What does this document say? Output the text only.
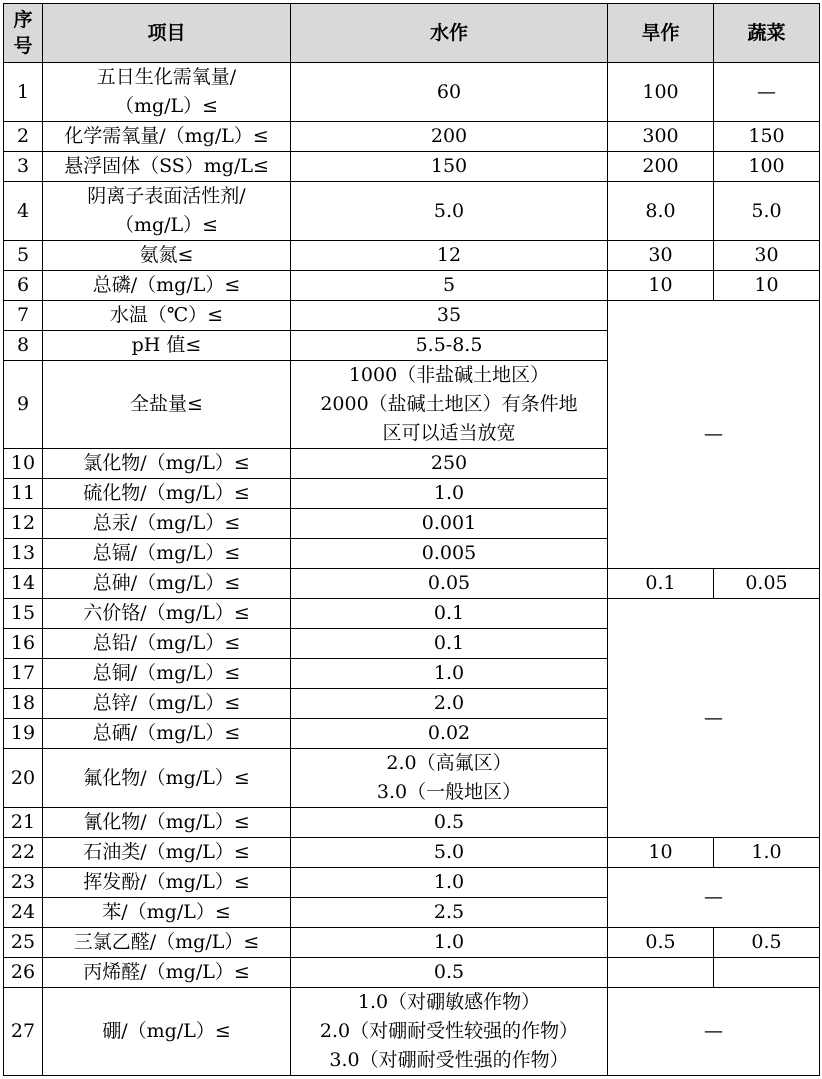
序
号	项目	水作	旱作	蔬菜
1	五日生化需氧量/
（mg/L）≤	60	100	—
2	化学需氧量/（mg/L）≤	200	300	150
3	悬浮固体（SS）mg/L≤	150	200	100
4	阴离子表面活性剂/
（mg/L）≤	5.0	8.0	5.0
5	氨氮≤	12	30	30
6	总磷/（mg/L）≤	5	10	10
7	水温（℃）≤	35	—	
8	pH 值≤	5.5-8.5		
9	全盐量≤	1000（非盐碱土地区）
2000（盐碱土地区）有条件地
区可以适当放宽		
10	氯化物/（mg/L）≤	250		
11	硫化物/（mg/L）≤	1.0		
12	总汞/（mg/L）≤	0.001		
13	总镉/（mg/L）≤	0.005		
14	总砷/（mg/L）≤	0.05	0.1	0.05
15	六价铬/（mg/L）≤	0.1	—	
16	总铅/（mg/L）≤	0.1		
17	总铜/（mg/L）≤	1.0		
18	总锌/（mg/L）≤	2.0		
19	总硒/（mg/L）≤	0.02		
20	氟化物/（mg/L）≤	2.0（高氟区）
3.0（一般地区）		
21	氰化物/（mg/L）≤	0.5		
22	石油类/（mg/L）≤	5.0	10	1.0
23	挥发酚/（mg/L）≤	1.0	—	
24	苯/（mg/L）≤	2.5		
25	三氯乙醛/（mg/L）≤	1.0	0.5	0.5
26	丙烯醛/（mg/L）≤	0.5		
27	硼/（mg/L）≤	1.0（对硼敏感作物）
2.0（对硼耐受性较强的作物）
3.0（对硼耐受性强的作物）	—	
